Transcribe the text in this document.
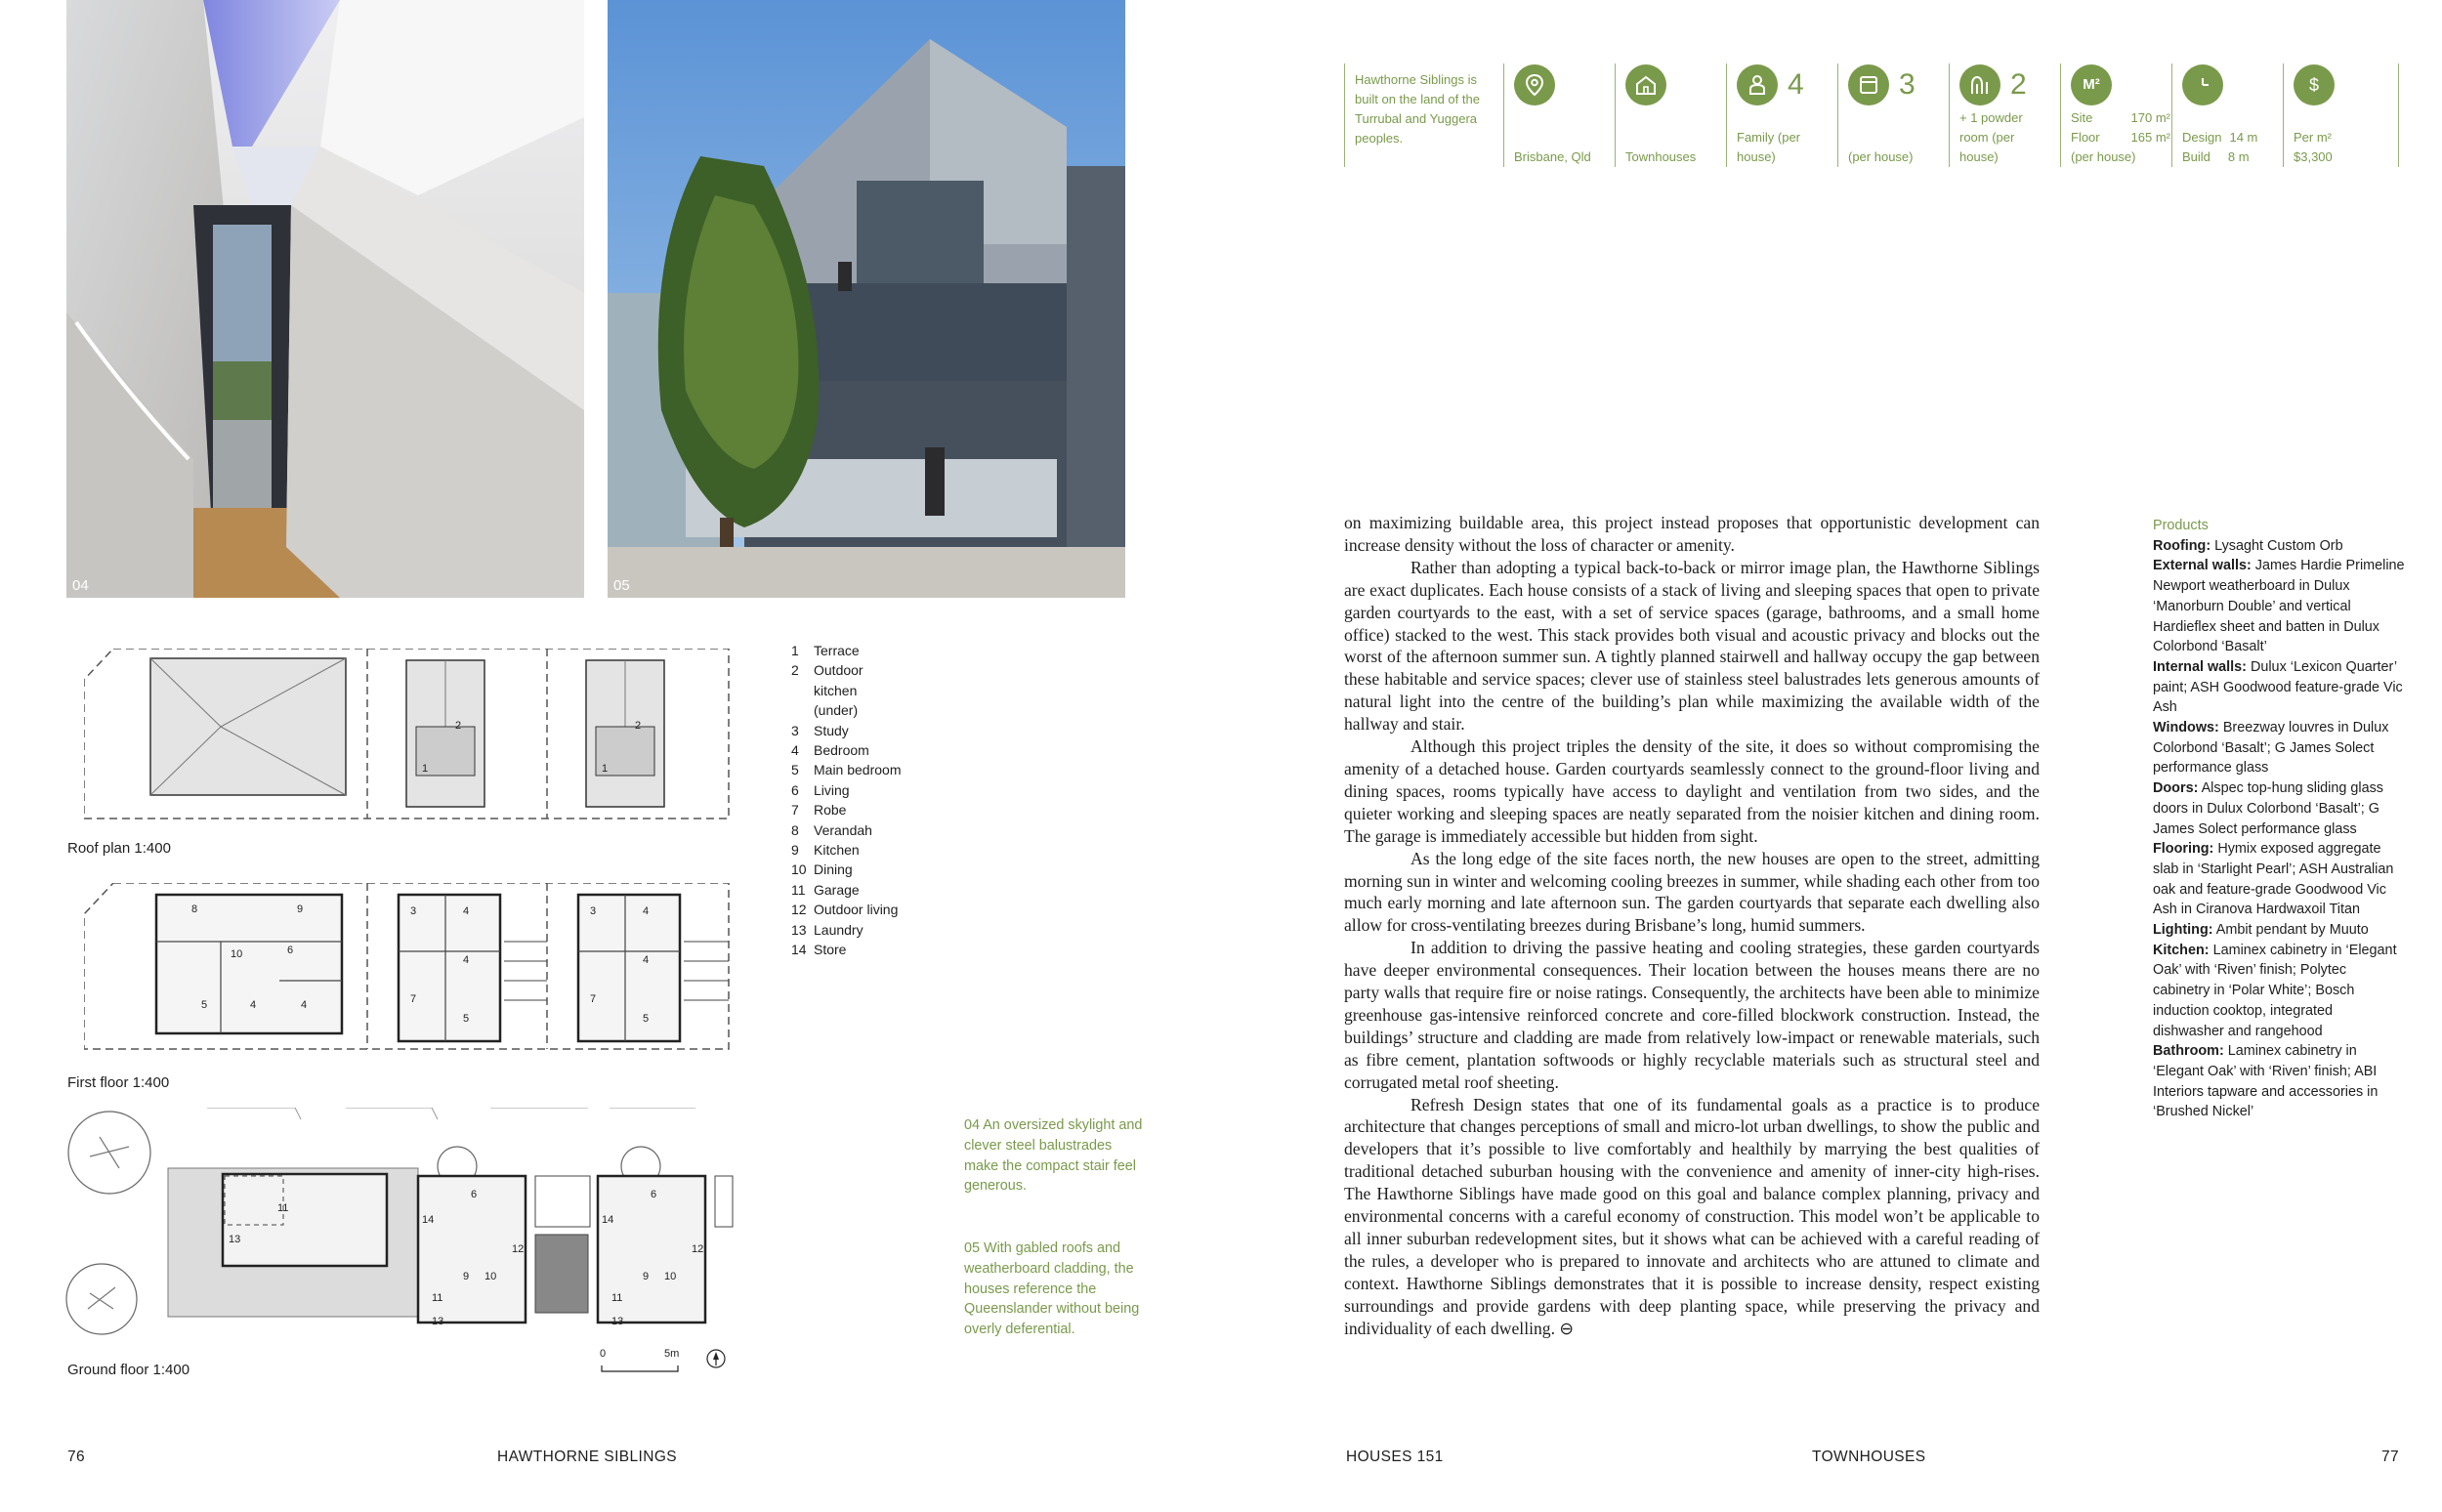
04	05
1
2
1
2
Roof plan 1:400
8	9
10	6
5	4	4
3	4
4
7
5
3	4
4
7
5
First floor 1:400
11
13
6
14
11
13
9 10
12
6
14
11
13
9 10
12
Ground floor 1:400
0	5m
1	Terrace
2	Outdoor kitchen (under)
3	Study
4	Bedroom
5	Main bedroom
6	Living
7	Robe
8	Verandah
9	Kitchen
10 Dining
11 Garage
12 Outdoor living
13 Laundry
14 Store
04 An oversized skylight and clever steel balustrades make the compact stair feel generous.
05 With gabled roofs and weatherboard cladding, the houses reference the Queenslander without being overly deferential.
76	HAWTHORNE SIBLINGS
Hawthorne Siblings is built on the land of the Turrubal and Yuggera peoples.
Brisbane, Qld	Townhouses
4
Family (per house)
3
(per house)
2
+ 1 powder room (per house)
M²
Site	170 m²
Floor 165 m²
(per house)
Design 14 m
Build	8 m
$
Per m²
$3,300

on maximizing buildable area, this project instead proposes that opportunistic development can increase density without the loss of character or amenity.

Rather than adopting a typical back-to-back or mirror image plan, the Hawthorne Siblings are exact duplicates. Each house consists of a stack of living and sleeping spaces that open to private garden courtyards to the east, with a set of service spaces (garage, bathrooms, and a small home office) stacked to the west. This stack provides both visual and acoustic privacy and blocks out the worst of the afternoon summer sun. A tightly planned stairwell and hallway occupy the gap between these habitable and service spaces; clever use of stainless steel balustrades lets generous amounts of natural light into the centre of the building’s plan while maximizing the available width of the hallway and stair.

Although this project triples the density of the site, it does so without compromising the amenity of a detached house. Garden courtyards seamlessly connect to the ground-floor living and dining spaces, rooms typically have access to daylight and ventilation from two sides, and the quieter working and sleeping spaces are neatly separated from the noisier kitchen and dining room. The garage is immediately accessible but hidden from sight.

As the long edge of the site faces north, the new houses are open to the street, admitting morning sun in winter and welcoming cooling breezes in summer, while shading each other from too much early morning and late afternoon sun. The garden courtyards that separate each dwelling also allow for cross-ventilating breezes during Brisbane’s long, humid summers.

In addition to driving the passive heating and cooling strategies, these garden courtyards have deeper environmental consequences. Their location between the houses means there are no party walls that require fire or noise ratings. Consequently, the architects have been able to minimize greenhouse gas-intensive reinforced concrete and core-filled blockwork construction. Instead, the buildings’ structure and cladding are made from relatively low-impact or renewable materials, such as fibre cement, plantation softwoods or highly recyclable materials such as structural steel and corrugated metal roof sheeting.

Refresh Design states that one of its fundamental goals as a practice is to produce architecture that changes perceptions of small and micro-lot urban dwellings, to show the public and developers that it’s possible to live comfortably and healthily by marrying the best qualities of traditional detached suburban housing with the convenience and amenity of inner-city high-rises. The Hawthorne Siblings have made good on this goal and balance complex planning, privacy and environmental concerns with a careful economy of construction. This model won’t be applicable to all inner suburban redevelopment sites, but it shows what can be achieved with a careful reading of the rules, a developer who is prepared to innovate and architects who are attuned to climate and context. Hawthorne Siblings demonstrates that it is possible to increase density, respect existing surroundings and provide gardens with deep planting space, while preserving the privacy and individuality of each dwelling. ⊖

Products
Roofing: Lysaght Custom Orb
External walls: James Hardie Primeline Newport weatherboard in Dulux ‘Manorburn Double’ and vertical Hardieflex sheet and batten in Dulux Colorbond ‘Basalt’
Internal walls: Dulux ‘Lexicon Quarter’ paint; ASH Goodwood feature-grade Vic Ash
Windows: Breezway louvres in Dulux Colorbond ‘Basalt’; G James Solect performance glass
Doors: Alspec top-hung sliding glass doors in Dulux Colorbond ‘Basalt’; G James Solect performance glass
Flooring: Hymix exposed aggregate slab in ‘Starlight Pearl’; ASH Australian oak and feature-grade Goodwood Vic Ash in Ciranova Hardwaxoil Titan
Lighting: Ambit pendant by Muuto
Kitchen: Laminex cabinetry in ‘Elegant Oak’ with ‘Riven’ finish; Polytec cabinetry in ‘Polar White’; Bosch induction cooktop, integrated dishwasher and rangehood
Bathroom: Laminex cabinetry in ‘Elegant Oak’ with ‘Riven’ finish; ABI Interiors tapware and accessories in ‘Brushed Nickel’
HOUSES 151	TOWNHOUSES	77
